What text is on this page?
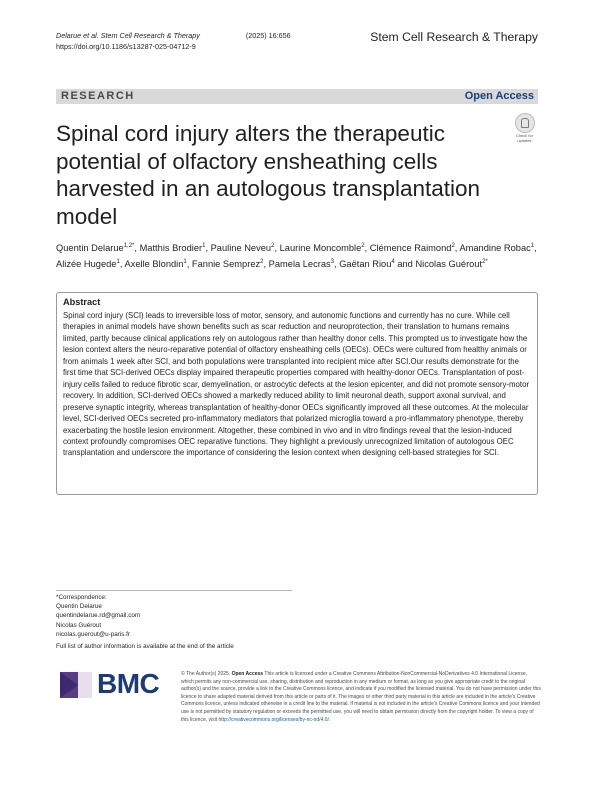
Delarue et al. Stem Cell Research & Therapy	(2025) 16:656
https://doi.org/10.1186/s13287-025-04712-9
Stem Cell Research & Therapy
RESEARCH	Open Access
Check for
updates
Spinal cord injury alters the therapeutic potential of olfactory ensheathing cells harvested in an autologous transplantation model
Quentin Delarue$^{1,2*}$, Matthis Brodier$^1$, Pauline Neveu$^2$, Laurine Moncomble$^2$, Clémence Raimond$^2$, Amandine Robac$^1$, Alizée Hugede$^1$, Axelle Blondin$^1$, Fannie Semprez$^2$, Pamela Lecras$^3$, Gaëtan Riou$^4$ and Nicolas Guérout$^{2*}$
Abstract
Spinal cord injury (SCI) leads to irreversible loss of motor, sensory, and autonomic functions and currently has no cure. While cell therapies in animal models have shown benefits such as scar reduction and neuroprotection, their translation to humans remains limited, partly because clinical applications rely on autologous rather than healthy donor cells. This prompted us to investigate how the lesion context alters the neuro-reparative potential of olfactory ensheathing cells (OECs). OECs were cultured from healthy animals or from animals 1 week after SCI, and both populations were transplanted into recipient mice after SCI.Our results demonstrate for the first time that SCI-derived OECs display impaired therapeutic properties compared with healthy-donor OECs. Transplantation of post-injury cells failed to reduce fibrotic scar, demyelination, or astrocytic defects at the lesion epicenter, and did not promote sensory-motor recovery. In addition, SCI-derived OECs showed a markedly reduced ability to limit neuronal death, support axonal survival, and preserve synaptic integrity, whereas transplantation of healthy-donor OECs significantly improved all these outcomes. At the molecular level, SCI-derived OECs secreted pro-inflammatory mediators that polarized microglia toward a pro-inflammatory phenotype, thereby exacerbating the hostile lesion environment. Altogether, these combined in vivo and in vitro findings reveal that the lesion-induced context profoundly compromises OEC reparative functions. They highlight a previously unrecognized limitation of autologous OEC transplantation and underscore the importance of considering the lesion context when designing cell-based strategies for SCI.
*Correspondence:
Quentin Delarue
quentindelarue.rd@gmail.com
Nicolas Guérout
nicolas.guerout@u-paris.fr
Full list of author information is available at the end of the article
BMC	© The Author(s) 2025. Open Access This article is licensed under a Creative Commons Attribution-NonCommercial-NoDerivatives 4.0 International License, which permits any non-commercial use, sharing, distribution and reproduction in any medium or format, as long as you give appropriate credit to the original author(s) and the source, provide a link to the Creative Commons licence, and indicate if you modified the licensed material. You do not have permission under this licence to share adapted material derived from this article or parts of it. The images or other third party material in this article are included in the article's Creative Commons licence, unless indicated otherwise in a credit line to the material. If material is not included in the article's Creative Commons licence and your intended use is not permitted by statutory regulation or exceeds the permitted use, you will need to obtain permission directly from the copyright holder. To view a copy of this licence, visit http://creativecommons.org/licenses/by-nc-nd/4.0/.
